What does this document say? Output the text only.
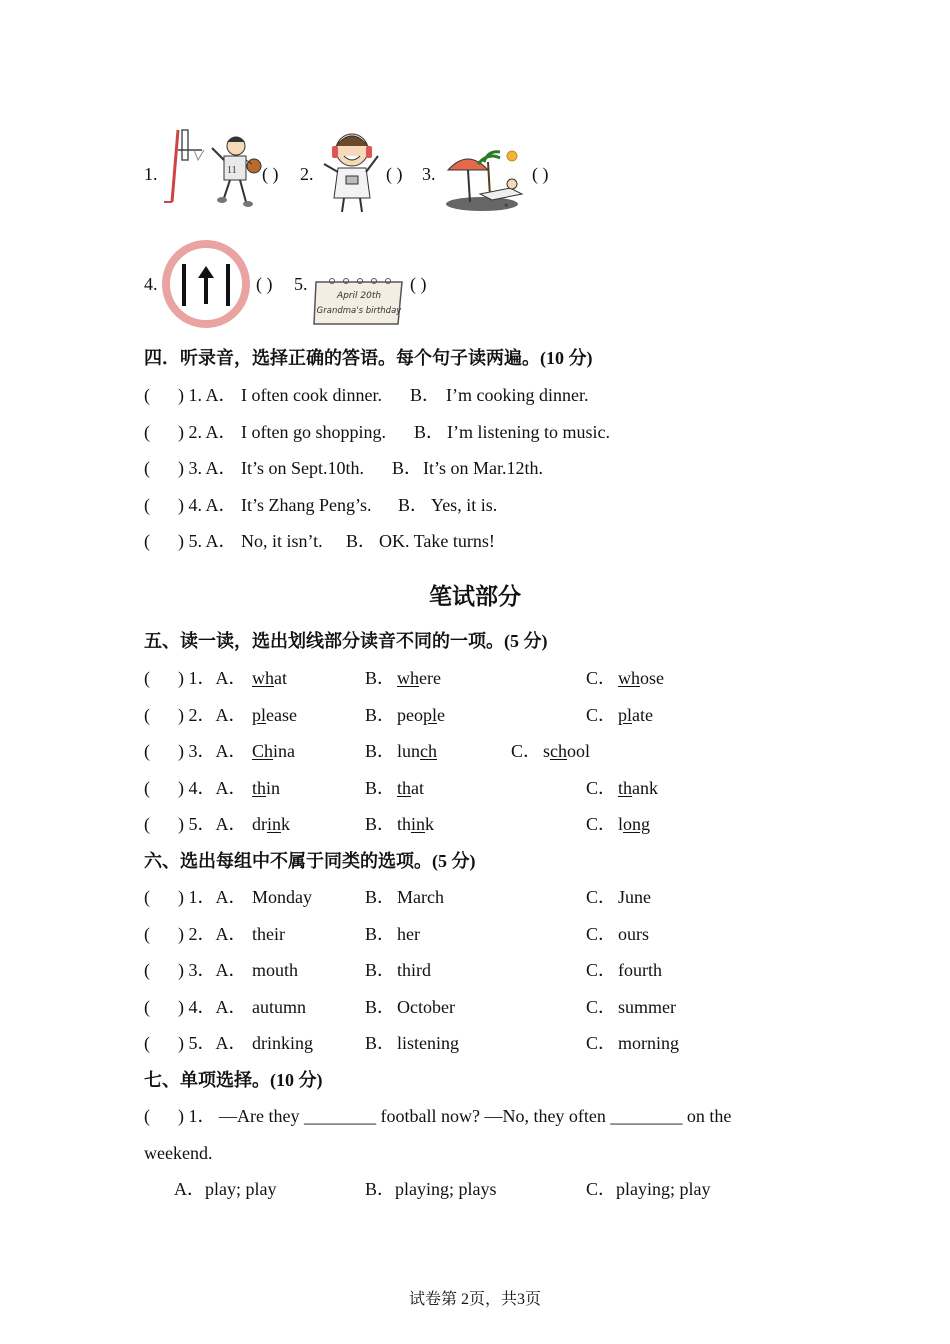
1.	11 ( ) 2.	( ) 3.
*
( )
4.	( ) 5.
April 20th
Grandma's birthday
( )
四．听录音，选择正确的答语。每个句子读两遍。(10 分)
( ) 1. A． I often cook dinner. B． I’m cooking dinner.
( ) 2. A． I often go shopping. B． I’m listening to music.
( ) 3. A． It’s on Sept.10th. B． It’s on Mar.12th.
( ) 4. A． It’s Zhang Peng’s. B． Yes, it is.
( ) 5. A． No, it isn’t. B． OK. Take turns!
笔试部分
五、读一读，选出划线部分读音不同的一项。(5 分)
( ) 1．A． what	B． where	C． whose
( ) 2．A． please	B． people	C． plate
( ) 3．A． China	B． lunch	C． school
( ) 4．A． thin	B． that	C． thank
( ) 5．A． drink	B． think	C． long
六、选出每组中不属于同类的选项。(5 分)
( ) 1．A． Monday	B． March	C． June
( ) 2．A． their	B． her	C． ours
( ) 3．A． mouth	B． third	C． fourth
( ) 4．A． autumn	B． October	C． summer
( ) 5．A． drinking	B． listening	C． morning
七、单项选择。(10 分)
( ) 1． —Are they ________ football now? —No, they often ________ on the
weekend.
A．play; play	B．playing; plays	C．playing; play
试卷第 2页，共3页
